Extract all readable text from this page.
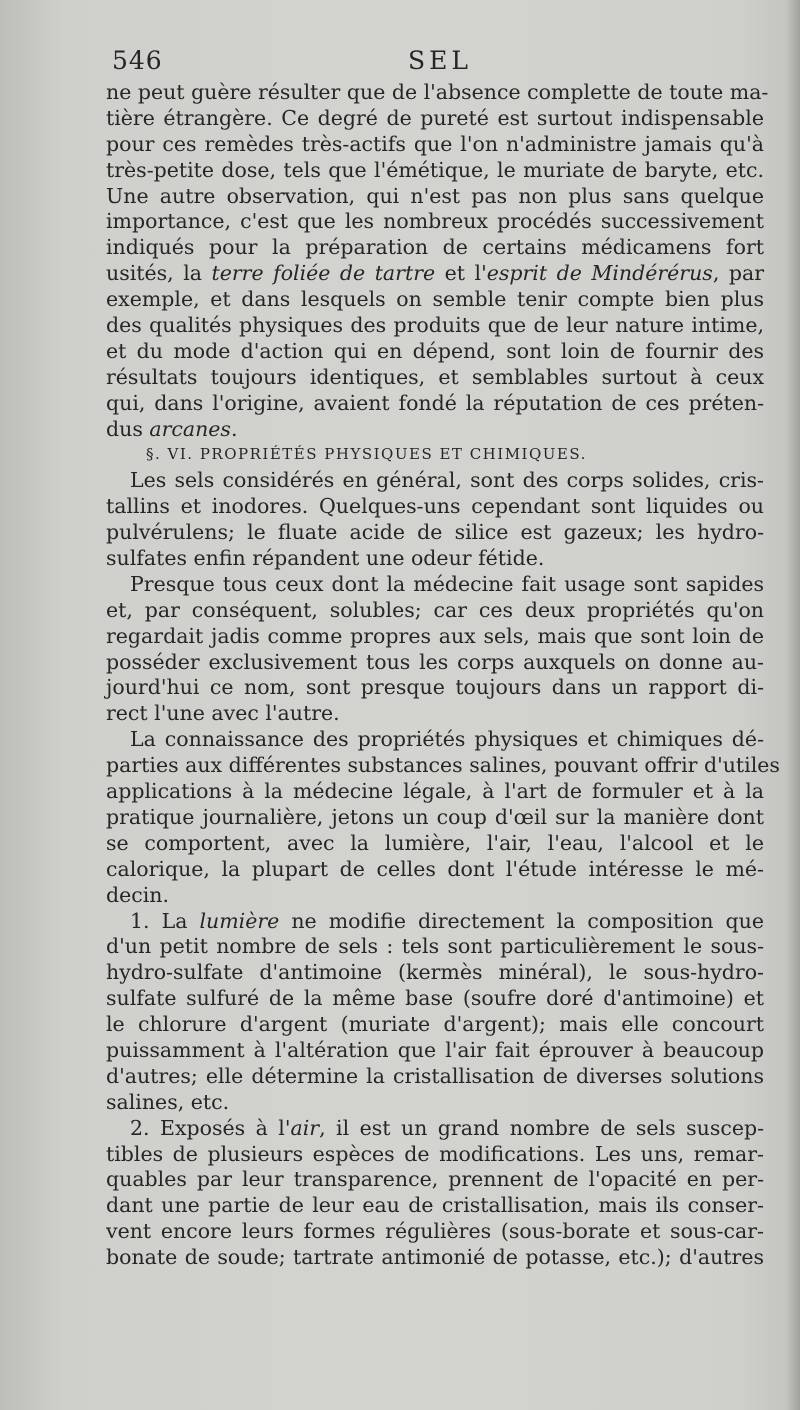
546	SEL
ne peut guère résulter que de l'absence complette de toute ma-
tière étrangère. Ce degré de pureté est surtout indispensable
pour ces remèdes très-actifs que l'on n'administre jamais qu'à
très-petite dose, tels que l'émétique, le muriate de baryte, etc.
Une autre observation, qui n'est pas non plus sans quelque
importance, c'est que les nombreux procédés successivement
indiqués pour la préparation de certains médicamens fort
usités, la terre foliée de tartre et l'esprit de Mindérérus, par
exemple, et dans lesquels on semble tenir compte bien plus
des qualités physiques des produits que de leur nature intime,
et du mode d'action qui en dépend, sont loin de fournir des
résultats toujours identiques, et semblables surtout à ceux
qui, dans l'origine, avaient fondé la réputation de ces préten-
dus arcanes.
§. VI. PROPRIÉTÉS PHYSIQUES ET CHIMIQUES.
Les sels considérés en général, sont des corps solides, cris-
tallins et inodores. Quelques-uns cependant sont liquides ou
pulvérulens; le fluate acide de silice est gazeux; les hydro-
sulfates enfin répandent une odeur fétide.
Presque tous ceux dont la médecine fait usage sont sapides
et, par conséquent, solubles; car ces deux propriétés qu'on
regardait jadis comme propres aux sels, mais que sont loin de
posséder exclusivement tous les corps auxquels on donne au-
jourd'hui ce nom, sont presque toujours dans un rapport di-
rect l'une avec l'autre.
La connaissance des propriétés physiques et chimiques dé-
parties aux différentes substances salines, pouvant offrir d'utiles
applications à la médecine légale, à l'art de formuler et à la
pratique journalière, jetons un coup d'œil sur la manière dont
se comportent, avec la lumière, l'air, l'eau, l'alcool et le
calorique, la plupart de celles dont l'étude intéresse le mé-
decin.
1. La lumière ne modifie directement la composition que
d'un petit nombre de sels : tels sont particulièrement le sous-
hydro-sulfate d'antimoine (kermès minéral), le sous-hydro-
sulfate sulfuré de la même base (soufre doré d'antimoine) et
le chlorure d'argent (muriate d'argent); mais elle concourt
puissamment à l'altération que l'air fait éprouver à beaucoup
d'autres; elle détermine la cristallisation de diverses solutions
salines, etc.
2. Exposés à l'air, il est un grand nombre de sels suscep-
tibles de plusieurs espèces de modifications. Les uns, remar-
quables par leur transparence, prennent de l'opacité en per-
dant une partie de leur eau de cristallisation, mais ils conser-
vent encore leurs formes régulières (sous-borate et sous-car-
bonate de soude; tartrate antimonié de potasse, etc.); d'autres
